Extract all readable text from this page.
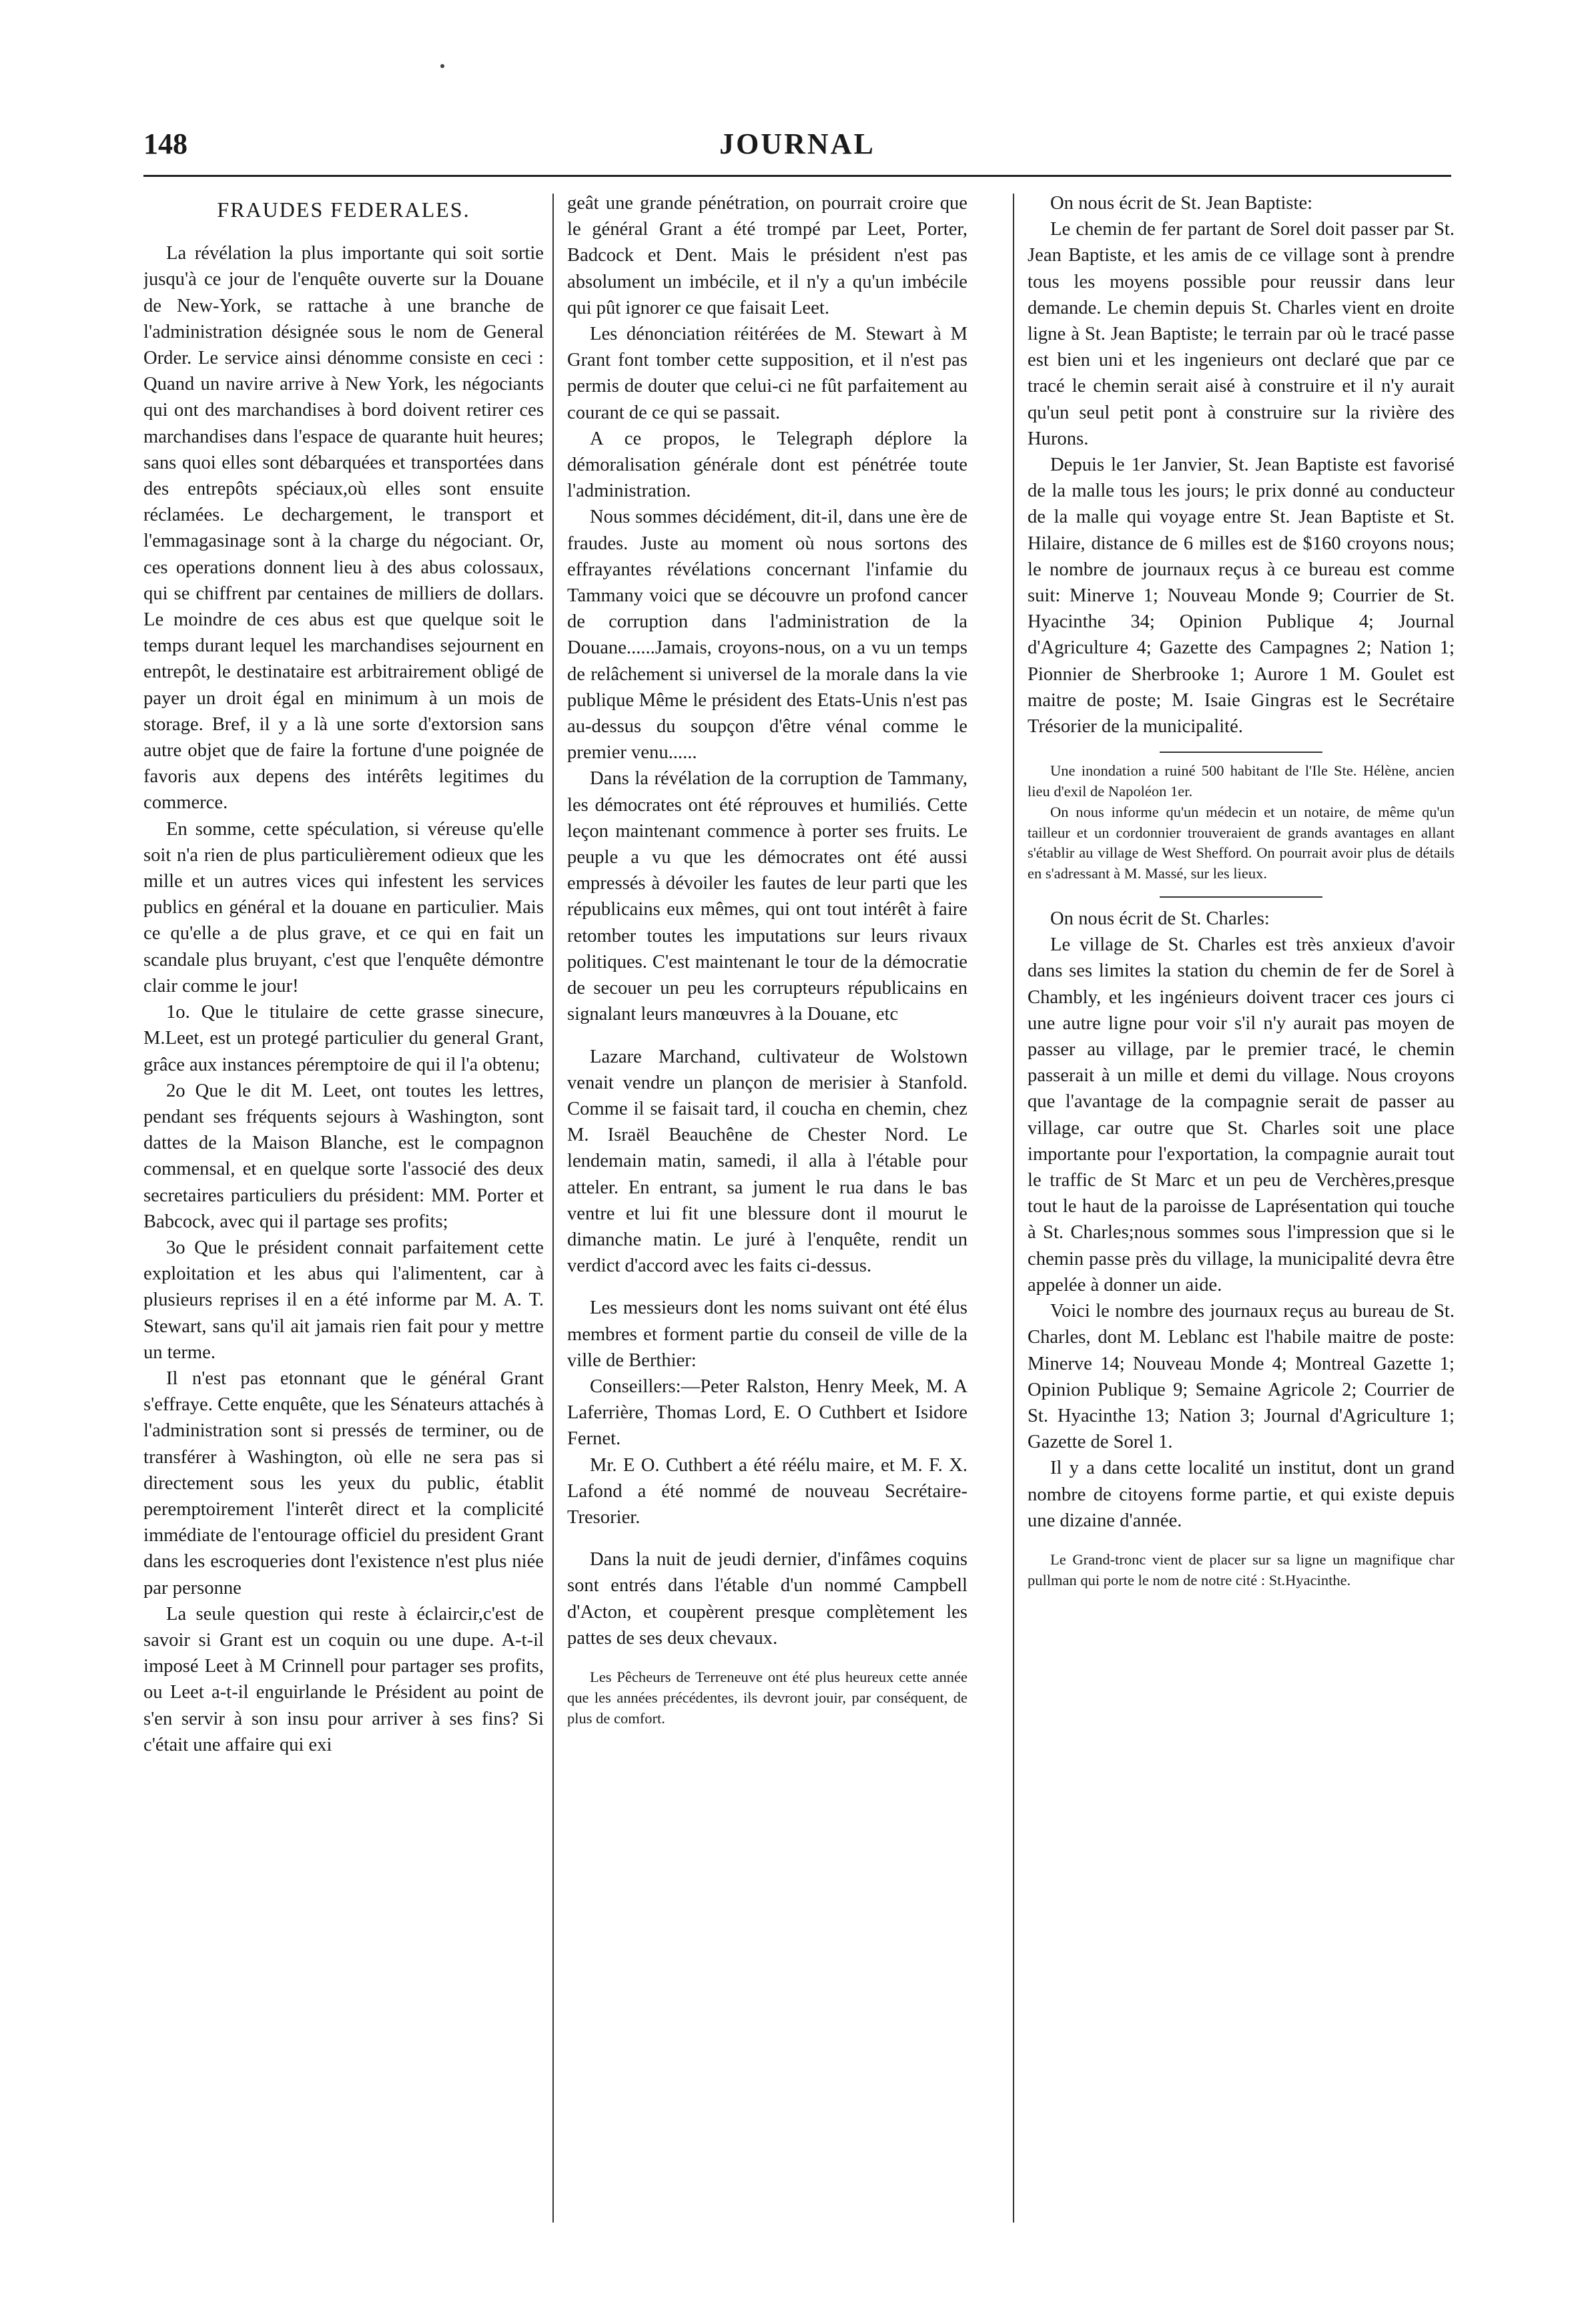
148	JOURNAL
FRAUDES FEDERALES.

La révélation la plus importante qui soit sortie jusqu'à ce jour de l'enquête ouverte sur la Douane de New-York, se rattache à une branche de l'administration désignée sous le nom de General Order. Le service ainsi dénomme consiste en ceci : Quand un navire arrive à New York, les négociants qui ont des marchandises à bord doivent retirer ces marchandises dans l'espace de quarante huit heures; sans quoi elles sont débarquées et transportées dans des entrepôts spéciaux,où elles sont ensuite réclamées. Le dechargement, le transport et l'emmagasinage sont à la charge du négociant. Or, ces operations donnent lieu à des abus colossaux, qui se chiffrent par centaines de milliers de dollars. Le moindre de ces abus est que quelque soit le temps durant lequel les marchandises sejournent en entrepôt, le destinataire est arbitrairement obligé de payer un droit égal en minimum à un mois de storage. Bref, il y a là une sorte d'extorsion sans autre objet que de faire la fortune d'une poignée de favoris aux depens des intérêts legitimes du commerce.

En somme, cette spéculation, si véreuse qu'elle soit n'a rien de plus particulièrement odieux que les mille et un autres vices qui infestent les services publics en général et la douane en particulier. Mais ce qu'elle a de plus grave, et ce qui en fait un scandale plus bruyant, c'est que l'enquête démontre clair comme le jour!

1o. Que le titulaire de cette grasse sinecure, M.Leet, est un protegé particulier du general Grant, grâce aux instances péremptoire de qui il l'a obtenu;

2o Que le dit M. Leet, ont toutes les lettres, pendant ses fréquents sejours à Washington, sont dattes de la Maison Blanche, est le compagnon commensal, et en quelque sorte l'associé des deux secretaires particuliers du président: MM. Porter et Babcock, avec qui il partage ses profits;

3o Que le président connait parfaitement cette exploitation et les abus qui l'alimentent, car à plusieurs reprises il en a été informe par M. A. T. Stewart, sans qu'il ait jamais rien fait pour y mettre un terme.

Il n'est pas etonnant que le général Grant s'effraye. Cette enquête, que les Sénateurs attachés à l'administration sont si pressés de terminer, ou de transférer à Washington, où elle ne sera pas si directement sous les yeux du public, établit peremptoirement l'interêt direct et la complicité immédiate de l'entourage officiel du president Grant dans les escroqueries dont l'existence n'est plus niée par personne

La seule question qui reste à éclaircir,c'est de savoir si Grant est un coquin ou une dupe. A-t-il imposé Leet à M Crinnell pour partager ses profits, ou Leet a-t-il enguirlande le Président au point de s'en servir à son insu pour arriver à ses fins? Si c'était une affaire qui exi

geât une grande pénétration, on pourrait croire que le général Grant a été trompé par Leet, Porter, Badcock et Dent. Mais le président n'est pas absolument un imbécile, et il n'y a qu'un imbécile qui pût ignorer ce que faisait Leet.

Les dénonciation réitérées de M. Stewart à M Grant font tomber cette supposition, et il n'est pas permis de douter que celui-ci ne fût parfaitement au courant de ce qui se passait.

A ce propos, le Telegraph déplore la démoralisation générale dont est pénétrée toute l'administration.

Nous sommes décidément, dit-il, dans une ère de fraudes. Juste au moment où nous sortons des effrayantes révélations concernant l'infamie du Tammany voici que se découvre un profond cancer de corruption dans l'administration de la Douane......Jamais, croyons-nous, on a vu un temps de relâchement si universel de la morale dans la vie publique Même le président des Etats-Unis n'est pas au-dessus du soupçon d'être vénal comme le premier venu......

Dans la révélation de la corruption de Tammany, les démocrates ont été réprouves et humiliés. Cette leçon maintenant commence à porter ses fruits. Le peuple a vu que les démocrates ont été aussi empressés à dévoiler les fautes de leur parti que les républicains eux mêmes, qui ont tout intérêt à faire retomber toutes les imputations sur leurs rivaux politiques. C'est maintenant le tour de la démocratie de secouer un peu les corrupteurs républicains en signalant leurs manœuvres à la Douane, etc

Lazare Marchand, cultivateur de Wolstown venait vendre un plançon de merisier à Stanfold. Comme il se faisait tard, il coucha en chemin, chez M. Israël Beauchêne de Chester Nord. Le lendemain matin, samedi, il alla à l'étable pour atteler. En entrant, sa jument le rua dans le bas ventre et lui fit une blessure dont il mourut le dimanche matin. Le juré à l'enquête, rendit un verdict d'accord avec les faits ci-dessus.

Les messieurs dont les noms suivant ont été élus membres et forment partie du conseil de ville de la ville de Berthier:

Conseillers:—Peter Ralston, Henry Meek, M. A Laferrière, Thomas Lord, E. O Cuthbert et Isidore Fernet.

Mr. E O. Cuthbert a été réélu maire, et M. F. X. Lafond a été nommé de nouveau Secrétaire-Tresorier.

Dans la nuit de jeudi dernier, d'infâmes coquins sont entrés dans l'étable d'un nommé Campbell d'Acton, et coupèrent presque complètement les pattes de ses deux chevaux.

Les Pêcheurs de Terreneuve ont été plus heureux cette année que les années précédentes, ils devront jouir, par conséquent, de plus de comfort.

On nous écrit de St. Jean Baptiste:

Le chemin de fer partant de Sorel doit passer par St. Jean Baptiste, et les amis de ce village sont à prendre tous les moyens possible pour reussir dans leur demande. Le chemin depuis St. Charles vient en droite ligne à St. Jean Baptiste; le terrain par où le tracé passe est bien uni et les ingenieurs ont declaré que par ce tracé le chemin serait aisé à construire et il n'y aurait qu'un seul petit pont à construire sur la rivière des Hurons.

Depuis le 1er Janvier, St. Jean Baptiste est favorisé de la malle tous les jours; le prix donné au conducteur de la malle qui voyage entre St. Jean Baptiste et St. Hilaire, distance de 6 milles est de $160 croyons nous; le nombre de journaux reçus à ce bureau est comme suit: Minerve 1; Nouveau Monde 9; Courrier de St. Hyacinthe 34; Opinion Publique 4; Journal d'Agriculture 4; Gazette des Campagnes 2; Nation 1; Pionnier de Sherbrooke 1; Aurore 1 M. Goulet est maitre de poste; M. Isaie Gingras est le Secrétaire Trésorier de la municipalité.

Une inondation a ruiné 500 habitant de l'Ile Ste. Hélène, ancien lieu d'exil de Napoléon 1er.

On nous informe qu'un médecin et un notaire, de même qu'un tailleur et un cordonnier trouveraient de grands avantages en allant s'établir au village de West Shefford. On pourrait avoir plus de détails en s'adressant à M. Massé, sur les lieux.

On nous écrit de St. Charles:

Le village de St. Charles est très anxieux d'avoir dans ses limites la station du chemin de fer de Sorel à Chambly, et les ingénieurs doivent tracer ces jours ci une autre ligne pour voir s'il n'y aurait pas moyen de passer au village, par le premier tracé, le chemin passerait à un mille et demi du village. Nous croyons que l'avantage de la compagnie serait de passer au village, car outre que St. Charles soit une place importante pour l'exportation, la compagnie aurait tout le traffic de St Marc et un peu de Verchères,presque tout le haut de la paroisse de Laprésentation qui touche à St. Charles;nous sommes sous l'impression que si le chemin passe près du village, la municipalité devra être appelée à donner un aide.

Voici le nombre des journaux reçus au bureau de St. Charles, dont M. Leblanc est l'habile maitre de poste: Minerve 14; Nouveau Monde 4; Montreal Gazette 1; Opinion Publique 9; Semaine Agricole 2; Courrier de St. Hyacinthe 13; Nation 3; Journal d'Agriculture 1; Gazette de Sorel 1.

Il y a dans cette localité un institut, dont un grand nombre de citoyens forme partie, et qui existe depuis une dizaine d'année.

Le Grand-tronc vient de placer sur sa ligne un magnifique char pullman qui porte le nom de notre cité : St.Hyacinthe.
